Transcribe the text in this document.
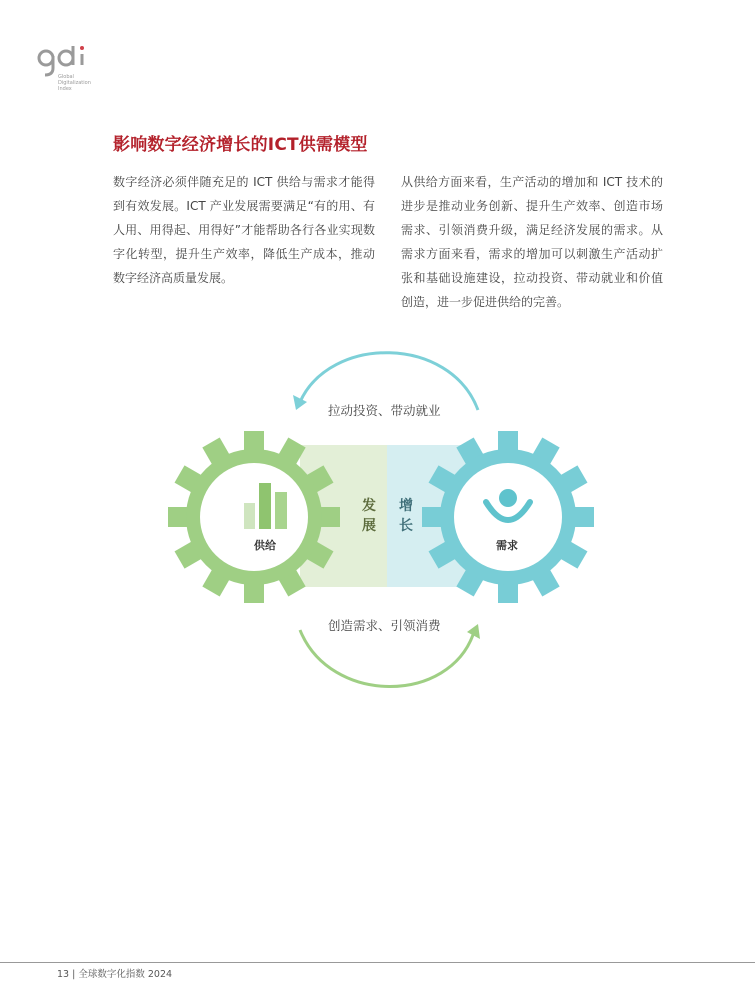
Global Digitalization Index
影响数字经济增长的ICT供需模型
数字经济必须伴随充足的 ICT 供给与需求才能得到有效发展。ICT 产业发展需要满足“有的用、有人用、用得起、用得好”才能帮助各行各业实现数字化转型，提升生产效率，降低生产成本，推动数字经济高质量发展。
从供给方面来看，生产活动的增加和 ICT 技术的进步是推动业务创新、提升生产效率、创造市场需求、引领消费升级，满足经济发展的需求。从需求方面来看，需求的增加可以刺激生产活动扩张和基础设施建设，拉动投资、带动就业和价值创造，进一步促进供给的完善。
拉动投资、带动就业
创造需求、引领消费
发展
增长
供给	需求
13 | 全球数字化指数 2024
